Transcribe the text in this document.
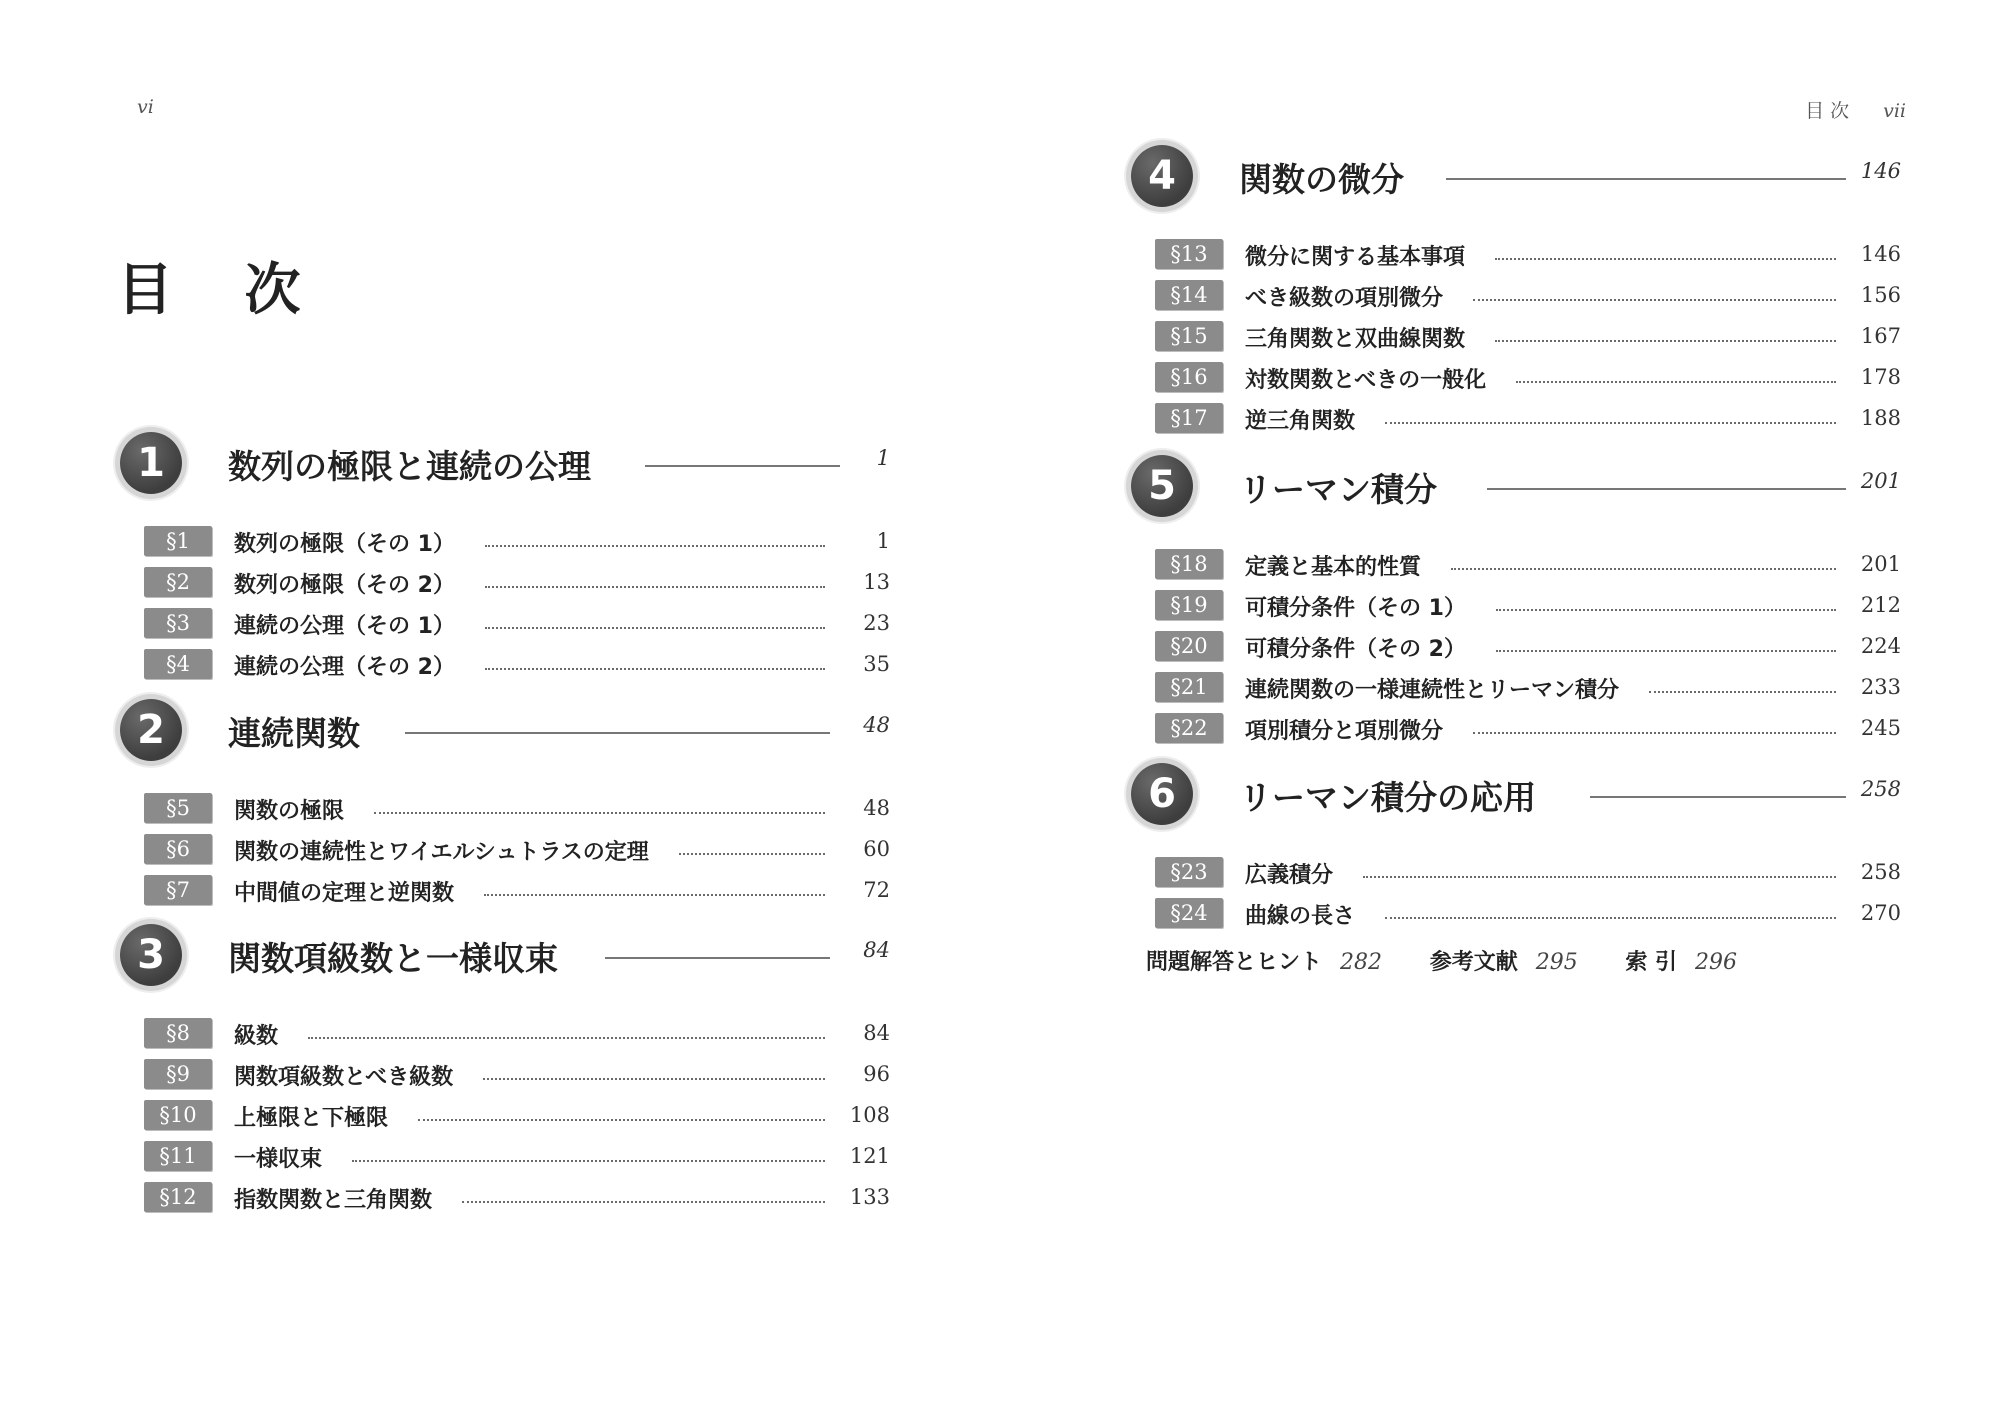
vi
目 次
目 次 vii
1	数列の極限と連続の公理	1
§1	数列の極限（その 1）	1
§2	数列の極限（その 2）	13
§3	連続の公理（その 1）	23
§4	連続の公理（その 2）	35
2	連続関数	48
§5	関数の極限	48
§6	関数の連続性とワイエルシュトラスの定理	60
§7	中間値の定理と逆関数	72
3	関数項級数と一様収束	84
§8	級数	84
§9	関数項級数とべき級数	96
§10	上極限と下極限	108
§11	一様収束	121
§12	指数関数と三角関数	133
4	関数の微分	146
§13	微分に関する基本事項	146
§14	べき級数の項別微分	156
§15	三角関数と双曲線関数	167
§16	対数関数とべきの一般化	178
§17	逆三角関数	188
5	リーマン積分	201
§18	定義と基本的性質	201
§19	可積分条件（その 1）	212
§20	可積分条件（その 2）	224
§21	連続関数の一様連続性とリーマン積分	233
§22	項別積分と項別微分	245
6	リーマン積分の応用	258
§23	広義積分	258
§24	曲線の長さ	270
問題解答とヒント 282 参考文献 295 索 引 296
